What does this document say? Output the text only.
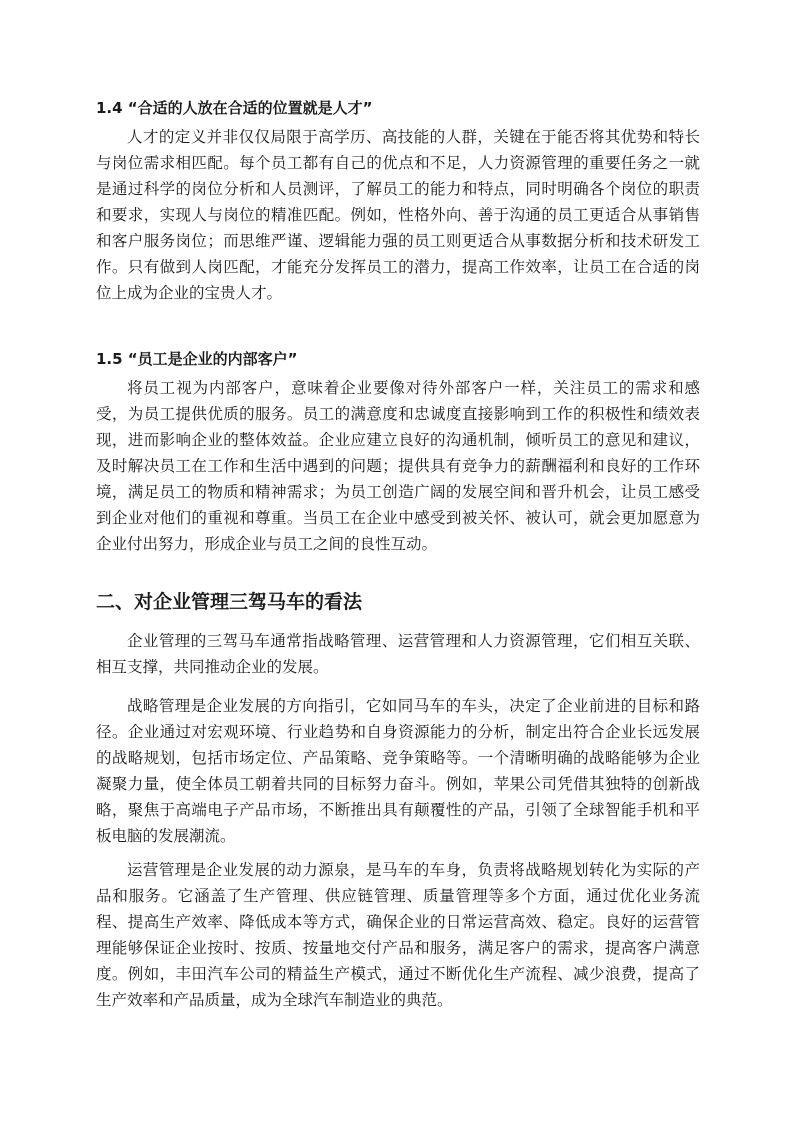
1.4 “合适的人放在合适的位置就是人才”

人才的定义并非仅仅局限于高学历、高技能的人群，关键在于能否将其优势和特长与岗位需求相匹配。每个员工都有自己的优点和不足，人力资源管理的重要任务之一就是通过科学的岗位分析和人员测评，了解员工的能力和特点，同时明确各个岗位的职责和要求，实现人与岗位的精准匹配。例如，性格外向、善于沟通的员工更适合从事销售和客户服务岗位；而思维严谨、逻辑能力强的员工则更适合从事数据分析和技术研发工作。只有做到人岗匹配，才能充分发挥员工的潜力，提高工作效率，让员工在合适的岗位上成为企业的宝贵人才。

1.5 “员工是企业的内部客户”

将员工视为内部客户，意味着企业要像对待外部客户一样，关注员工的需求和感受，为员工提供优质的服务。员工的满意度和忠诚度直接影响到工作的积极性和绩效表现，进而影响企业的整体效益。企业应建立良好的沟通机制，倾听员工的意见和建议，及时解决员工在工作和生活中遇到的问题；提供具有竞争力的薪酬福利和良好的工作环境，满足员工的物质和精神需求；为员工创造广阔的发展空间和晋升机会，让员工感受到企业对他们的重视和尊重。当员工在企业中感受到被关怀、被认可，就会更加愿意为企业付出努力，形成企业与员工之间的良性互动。

二、对企业管理三驾马车的看法

企业管理的三驾马车通常指战略管理、运营管理和人力资源管理，它们相互关联、相互支撑，共同推动企业的发展。

战略管理是企业发展的方向指引，它如同马车的车头，决定了企业前进的目标和路径。企业通过对宏观环境、行业趋势和自身资源能力的分析，制定出符合企业长远发展的战略规划，包括市场定位、产品策略、竞争策略等。一个清晰明确的战略能够为企业凝聚力量，使全体员工朝着共同的目标努力奋斗。例如，苹果公司凭借其独特的创新战略，聚焦于高端电子产品市场，不断推出具有颠覆性的产品，引领了全球智能手机和平板电脑的发展潮流。

运营管理是企业发展的动力源泉，是马车的车身，负责将战略规划转化为实际的产品和服务。它涵盖了生产管理、供应链管理、质量管理等多个方面，通过优化业务流程、提高生产效率、降低成本等方式，确保企业的日常运营高效、稳定。良好的运营管理能够保证企业按时、按质、按量地交付产品和服务，满足客户的需求，提高客户满意度。例如，丰田汽车公司的精益生产模式，通过不断优化生产流程、减少浪费，提高了生产效率和产品质量，成为全球汽车制造业的典范。
